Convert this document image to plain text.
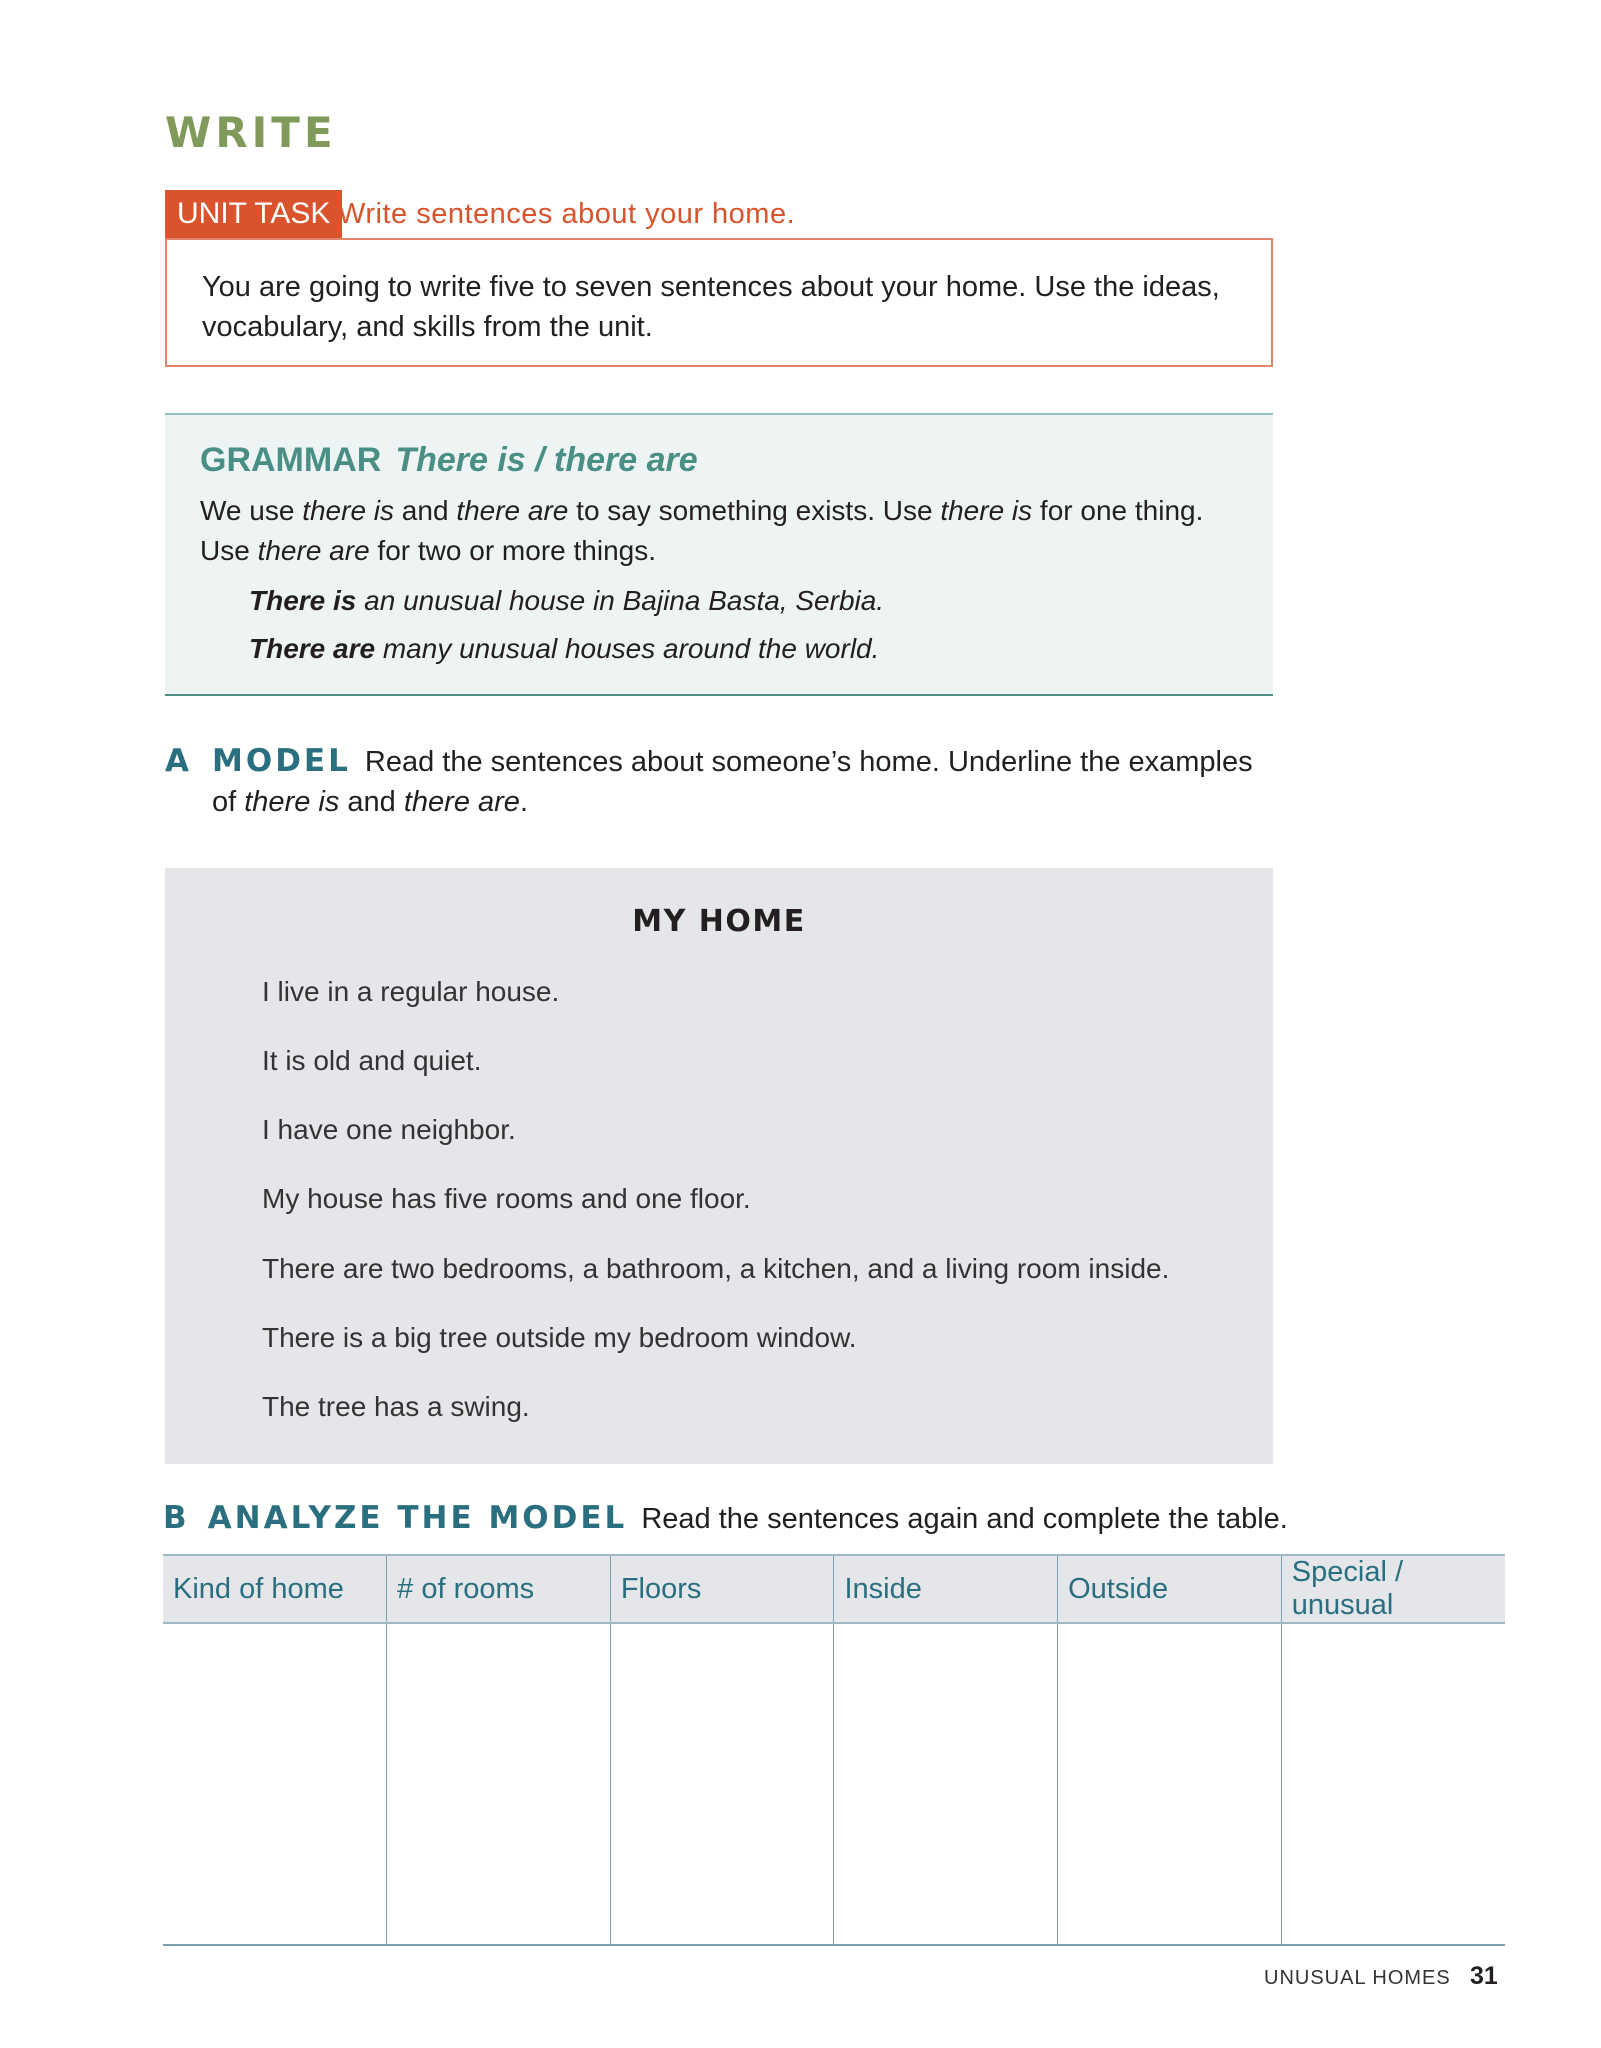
WRITE
UNIT TASK Write sentences about your home.
You are going to write five to seven sentences about your home. Use the ideas, vocabulary, and skills from the unit.
GRAMMAR There is / there are
We use there is and there are to say something exists. Use there is for one thing. Use there are for two or more things.
There is an unusual house in Bajina Basta, Serbia.
There are many unusual houses around the world.
A MODEL Read the sentences about someone’s home. Underline the examples of there is and there are.
MY HOME
I live in a regular house.
It is old and quiet.
I have one neighbor.
My house has five rooms and one floor.
There are two bedrooms, a bathroom, a kitchen, and a living room inside.
There is a big tree outside my bedroom window.
The tree has a swing.
B ANALYZE THE MODEL Read the sentences again and complete the table.
Kind of home	# of rooms	Floors	Inside	Outside	Special / unusual

UNUSUAL HOMES 31
